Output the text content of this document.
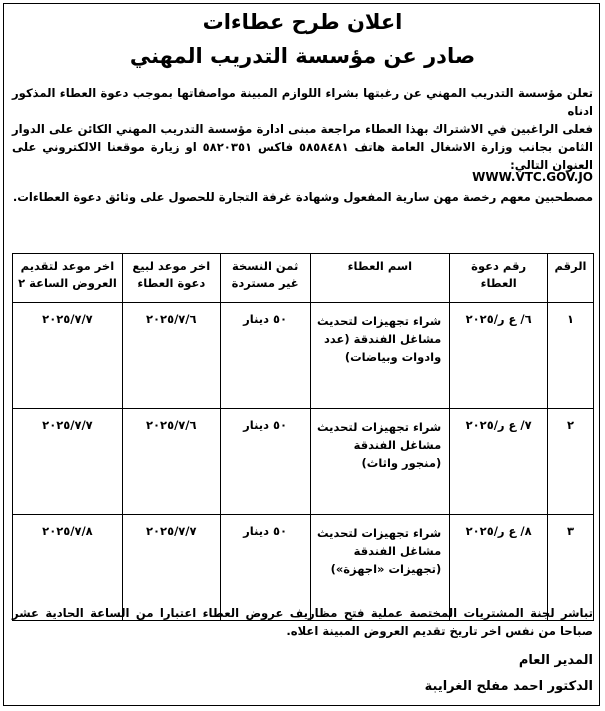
اعلان طرح عطاءات
صادر عن مؤسسة التدريب المهني
تعلن مؤسسة التدريب المهني عن رغبتها بشراء اللوازم المبينة مواصفاتها بموجب دعوة العطاء المذكور ادناه
فعلى الراغبين في الاشتراك بهذا العطاء مراجعة مبنى ادارة مؤسسة التدريب المهني الكائن على الدوار الثامن بجانب وزارة الاشغال العامة هاتف ٥٨٥٨٤٨١ فاكس ٥٨٢٠٣٥١ او زيارة موقعنا الالكتروني على العنوان التالي:
WWW.VTC.GOV.JO
مصطحبين معهم رخصة مهن سارية المفعول وشهادة غرفة التجارة للحصول على وثائق دعوة العطاءات.
الرقم	رقم دعوة العطاء	اسم العطاء	ثمن النسخة غير مستردة	اخر موعد لبيع دعوة العطاء	اخر موعد لتقديم العروض الساعة ٢
١	٦/ ع ر/٢٠٢٥	شراء تجهيزات لتحديث مشاغل الفندقة (عدد وادوات وبياضات)	٥٠ دينار	٢٠٢٥/٧/٦	٢٠٢٥/٧/٧
٢	٧/ ع ر/٢٠٢٥	شراء تجهيزات لتحديث مشاغل الفندقة (منجور واثاث)	٥٠ دينار	٢٠٢٥/٧/٦	٢٠٢٥/٧/٧
٣	٨/ ع ر/٢٠٢٥	شراء تجهيزات لتحديث مشاغل الفندقة (تجهيزات «اجهزة»)	٥٠ دينار	٢٠٢٥/٧/٧	٢٠٢٥/٧/٨
تباشر لجنة المشتريات المختصة عملية فتح مظاريف عروض العطاء اعتبارا من الساعة الحادية عشر صباحا من نفس اخر تاريخ تقديم العروض المبينة اعلاه.
المدير العام
الدكتور احمد مفلح الغرايبة
